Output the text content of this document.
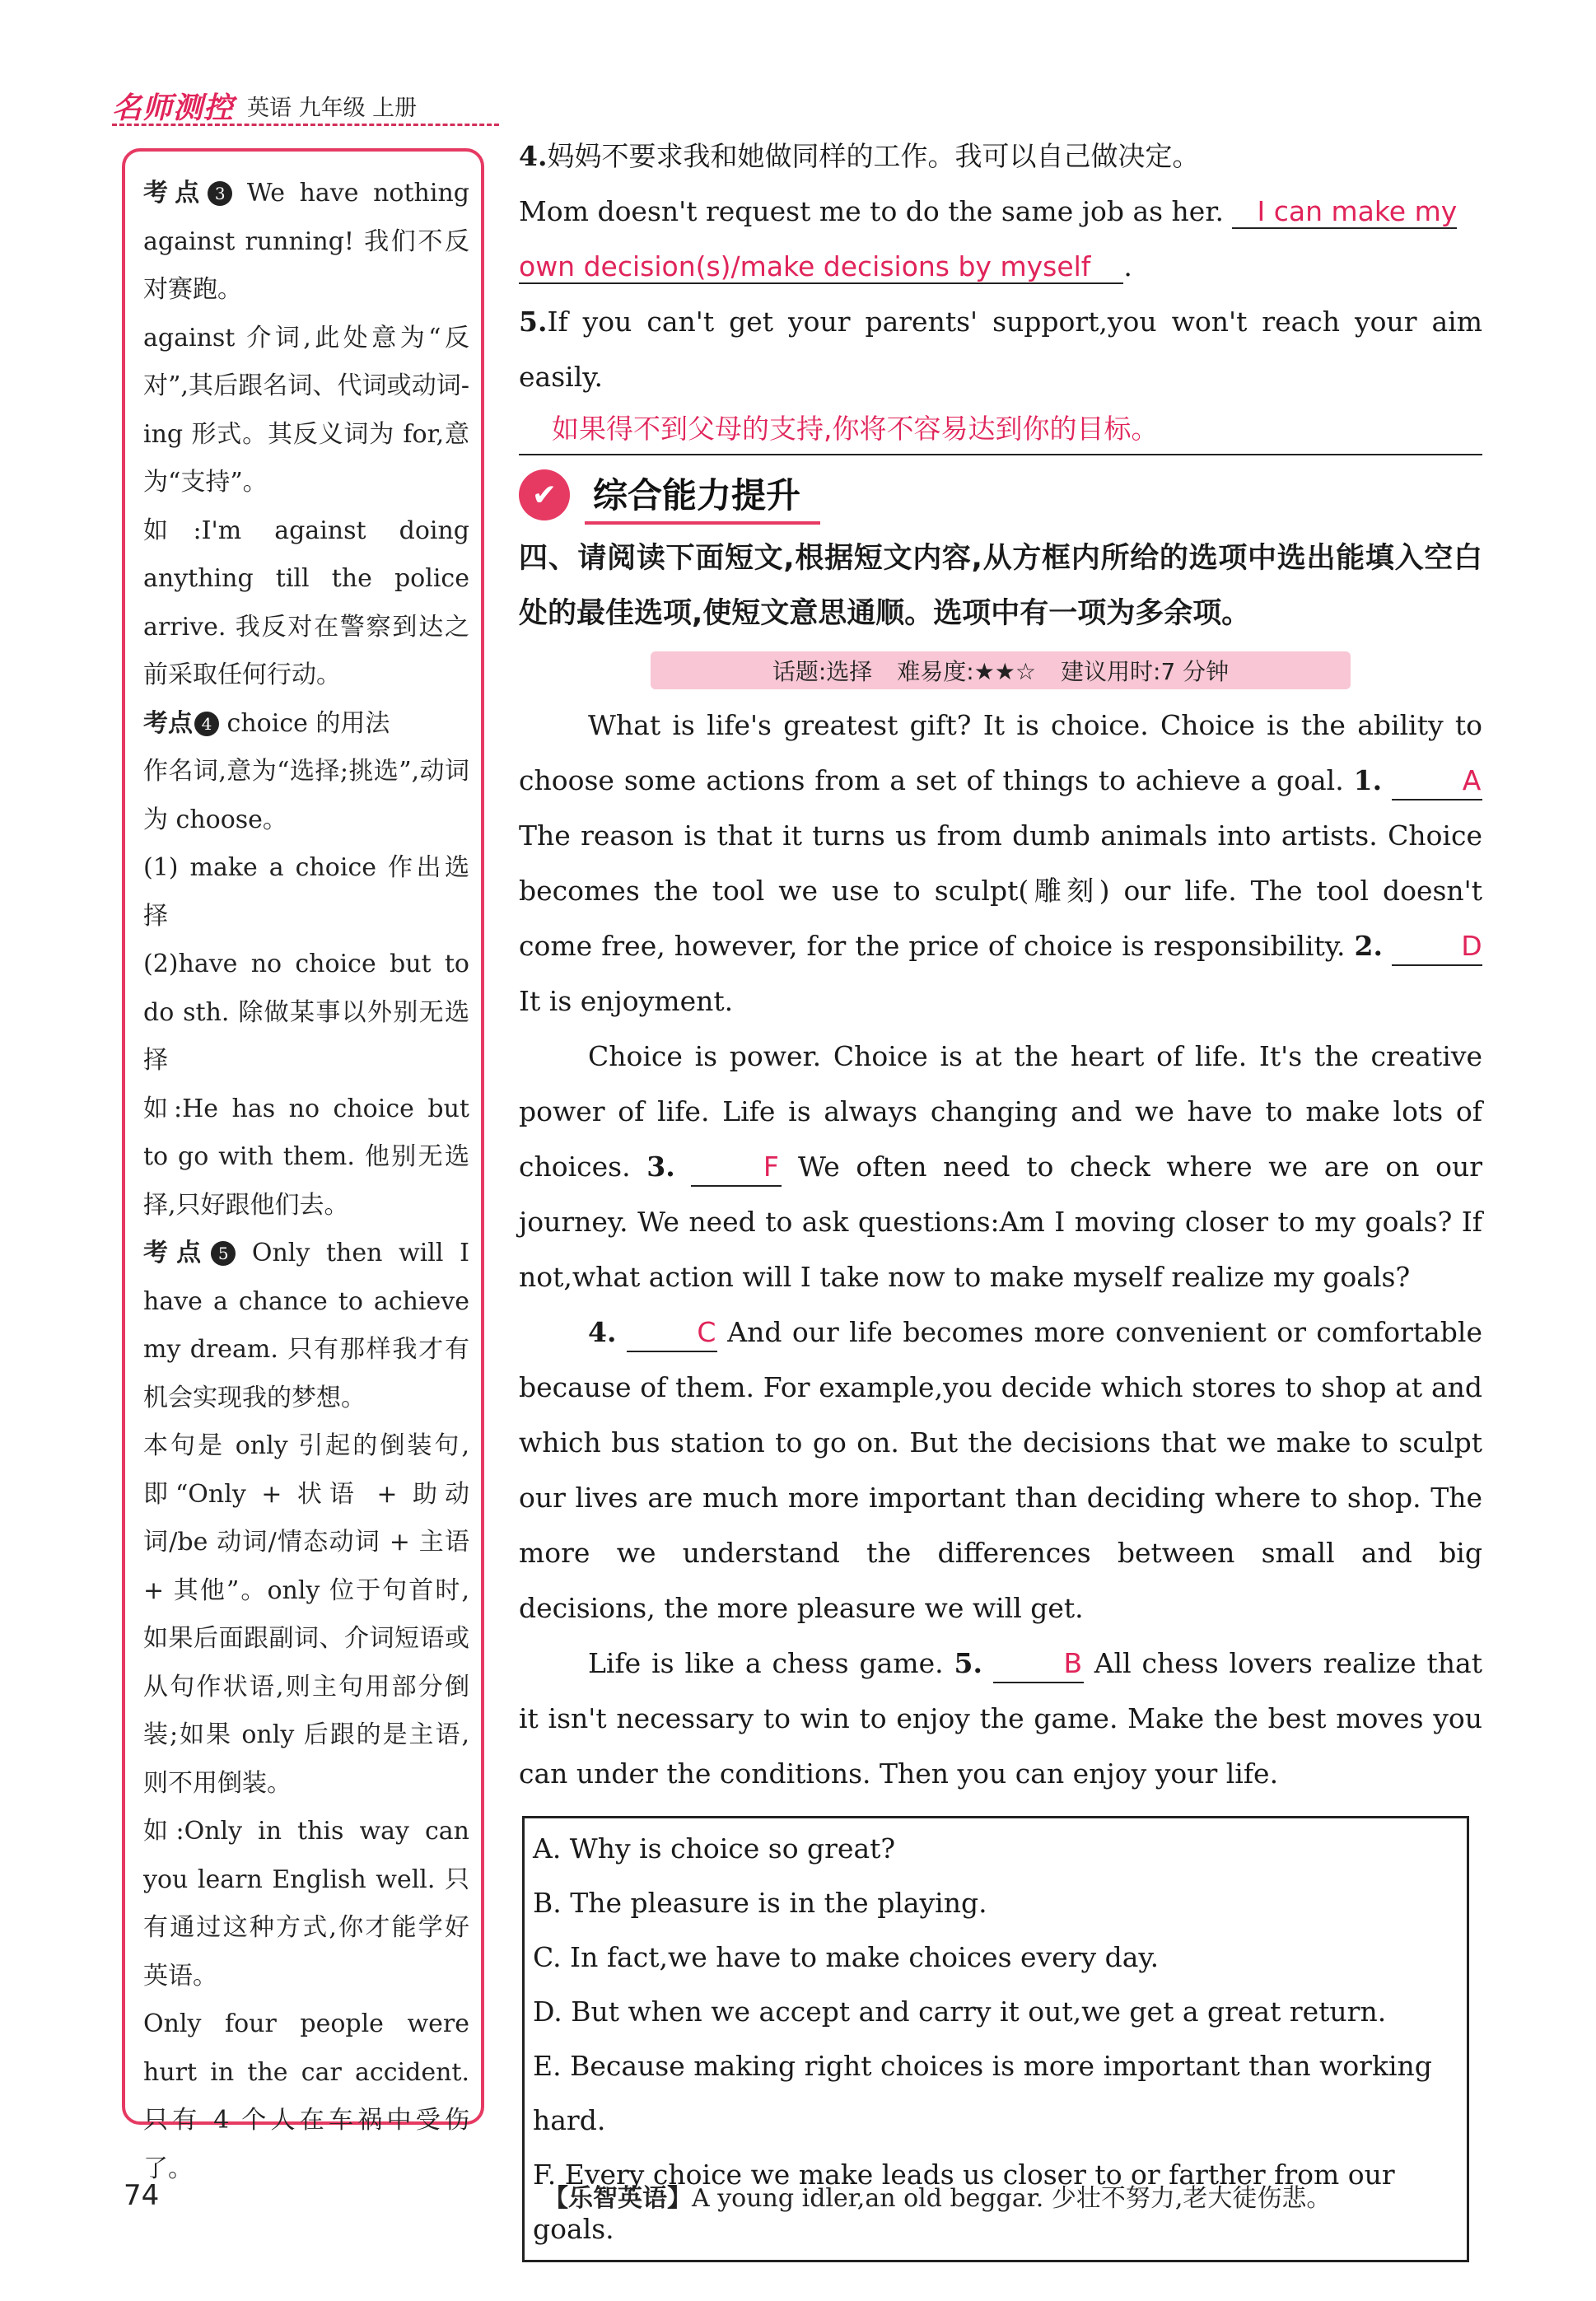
名师测控 英语 九年级 上册

考点 3 We have nothing against running! 我们不反对赛跑。

against 介词,此处意为“反对”,其后跟名词、代词或动词-ing 形式。其反义词为 for,意为“支持”。

如:I'm against doing anything till the police arrive. 我反对在警察到达之前采取任何行动。

考点 4 choice 的用法

作名词,意为“选择;挑选”,动词为 choose。

(1) make a choice 作出选择

(2)have no choice but to do sth. 除做某事以外别无选择

如:He has no choice but to go with them. 他别无选择,只好跟他们去。

考点 5 Only then will I have a chance to achieve my dream. 只有那样我才有机会实现我的梦想。

本句是 only 引起的倒装句,即“Only + 状语 + 助动词/be 动词/情态动词 + 主语 + 其他”。only 位于句首时,如果后面跟副词、介词短语或从句作状语,则主句用部分倒装;如果 only 后跟的是主语,则不用倒装。

如:Only in this way can you learn English well. 只有通过这种方式,你才能学好英语。

Only four people were hurt in the car accident. 只有 4 个人在车祸中受伤了。

4.妈妈不要求我和她做同样的工作。我可以自己做决定。
Mom doesn't request me to do the same job as her. I can make my
own decision(s)/make decisions by myself .
5.If you can't get your parents' support,you won't reach your aim easily.
如果得不到父母的支持,你将不容易达到你的目标。
✔	综合能力提升
四、请阅读下面短文,根据短文内容,从方框内所给的选项中选出能填入空白处的最佳选项,使短文意思通顺。选项中有一项为多余项。
话题:选择 难易度:★★☆ 建议用时:7 分钟

What is life's greatest gift? It is choice. Choice is the ability to choose some actions from a set of things to achieve a goal. 1.	A The reason is that it turns us from dumb animals into artists. Choice becomes the tool we use to sculpt(雕刻) our life. The tool doesn't come free, however, for the price of choice is responsibility. 2.	D It is enjoyment.

Choice is power. Choice is at the heart of life. It's the creative power of life. Life is always changing and we have to make lots of choices. 3.	F We often need to check where we are on our journey. We need to ask questions:Am I moving closer to my goals? If not,what action will I take now to make myself realize my goals?

4.	C And our life becomes more convenient or comfortable because of them. For example,you decide which stores to shop at and which bus station to go on. But the decisions that we make to sculpt our lives are much more important than deciding where to shop. The more we understand the differences between small and big decisions, the more pleasure we will get.

Life is like a chess game. 5.	B All chess lovers realize that it isn't necessary to win to enjoy the game. Make the best moves you can under the conditions. Then you can enjoy your life.

A. Why is choice so great?
B. The pleasure is in the playing.
C. In fact,we have to make choices every day.
D. But when we accept and carry it out,we get a great return.
E. Because making right choices is more important than working hard.
F. Every choice we make leads us closer to or farther from our goals.
74	【乐智英语】A young idler,an old beggar. 少壮不努力,老大徒伤悲。
